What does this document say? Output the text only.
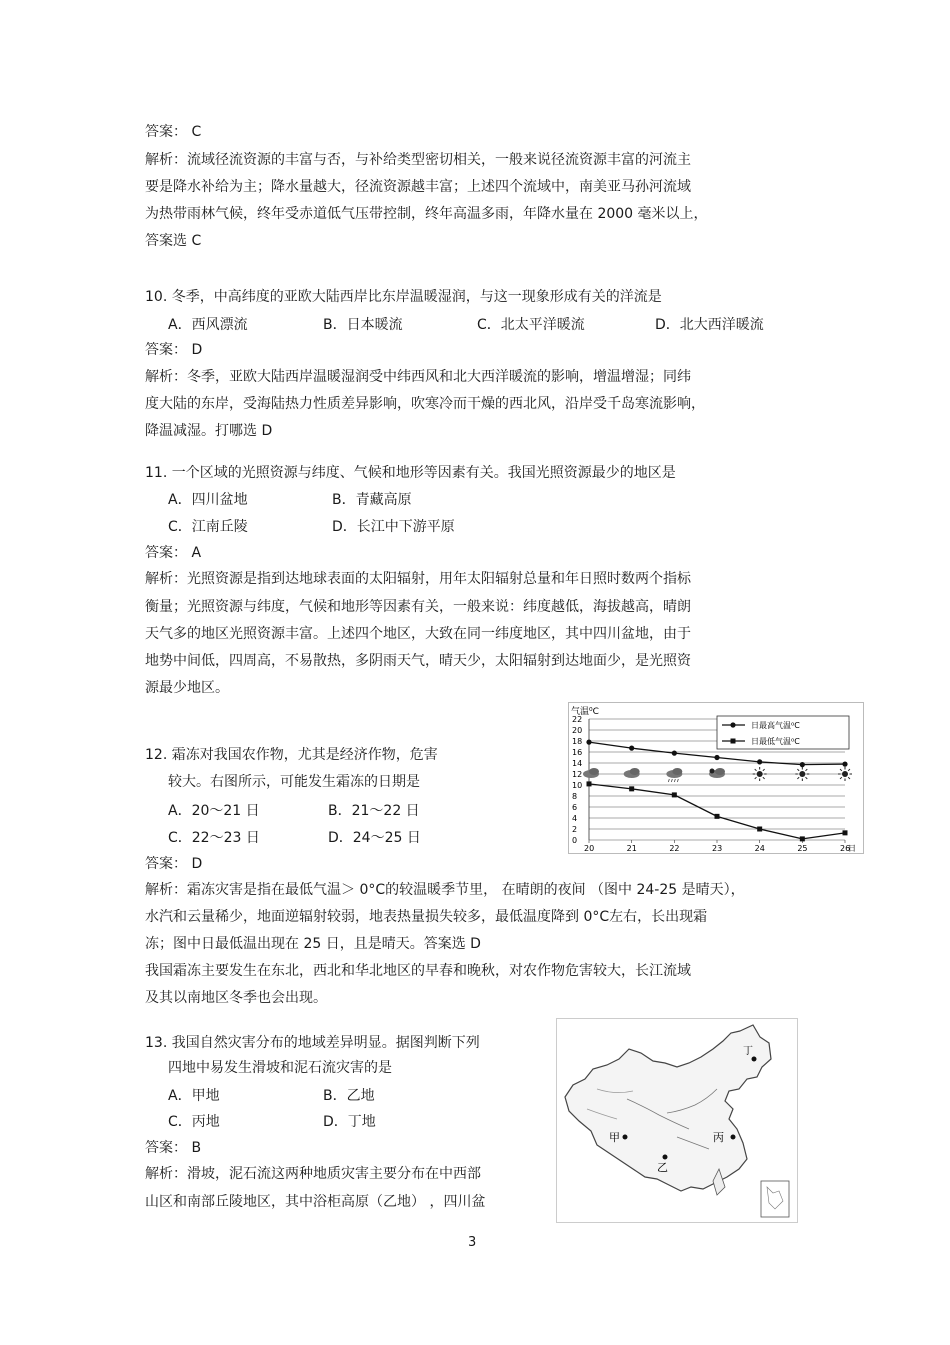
答案： C
解析：流域径流资源的丰富与否，与补给类型密切相关，一般来说径流资源丰富的河流主
要是降水补给为主；降水量越大，径流资源越丰富；上述四个流域中，南美亚马孙河流域
为热带雨林气候，终年受赤道低气压带控制，终年高温多雨，年降水量在 2000 毫米以上，
答案选 C
10. 冬季，中高纬度的亚欧大陆西岸比东岸温暖湿润，与这一现象形成有关的洋流是
A．西风漂流	B．日本暖流	C．北太平洋暖流	D．北大西洋暖流
答案： D
解析：冬季，亚欧大陆西岸温暖湿润受中纬西风和北大西洋暖流的影响，增温增湿；同纬
度大陆的东岸，受海陆热力性质差异影响，吹寒冷而干燥的西北风，沿岸受千岛寒流影响，
降温减湿。打哪选 D
11. 一个区域的光照资源与纬度、气候和地形等因素有关。我国光照资源最少的地区是
A．四川盆地	B．青藏高原
C．江南丘陵	D．长江中下游平原
答案： A
解析：光照资源是指到达地球表面的太阳辐射，用年太阳辐射总量和年日照时数两个指标
衡量；光照资源与纬度，气候和地形等因素有关，一般来说：纬度越低，海拔越高，晴朗
天气多的地区光照资源丰富。上述四个地区，大致在同一纬度地区，其中四川盆地，由于
地势中间低，四周高，不易散热，多阴雨天气，晴天少，太阳辐射到达地面少，是光照资
源最少地区。
12. 霜冻对我国农作物，尤其是经济作物，危害
较大。右图所示，可能发生霜冻的日期是
A．20～21 日	B．21～22 日
C．22～23 日	D．24～25 日
答案： D
解析：霜冻灾害是指在最低气温＞ 0°C的较温暖季节里， 在晴朗的夜间 （图中 24-25 是晴天），
水汽和云量稀少，地面逆辐射较弱，地表热量损失较多，最低温度降到 0°C左右，长出现霜
冻；图中日最低温出现在 25 日，且是晴天。答案选 D
我国霜冻主要发生在东北，西北和华北地区的早春和晚秋，对农作物危害较大，长江流域
及其以南地区冬季也会出现。
0
2
4
6
8
10
12
14
16
18
20
22
20	21	22	23	24	25	26
气温⁰C
日
日最高气温⁰C
日最低气温⁰C
13. 我国自然灾害分布的地域差异明显。据图判断下列
四地中易发生滑坡和泥石流灾害的是
A．甲地	B．乙地
C．丙地	D．丁地
答案： B
解析：滑坡，泥石流这两种地质灾害主要分布在中西部
山区和南部丘陵地区，其中浴柜高原（乙地） ，四川盆
丁
甲
乙
丙
3
